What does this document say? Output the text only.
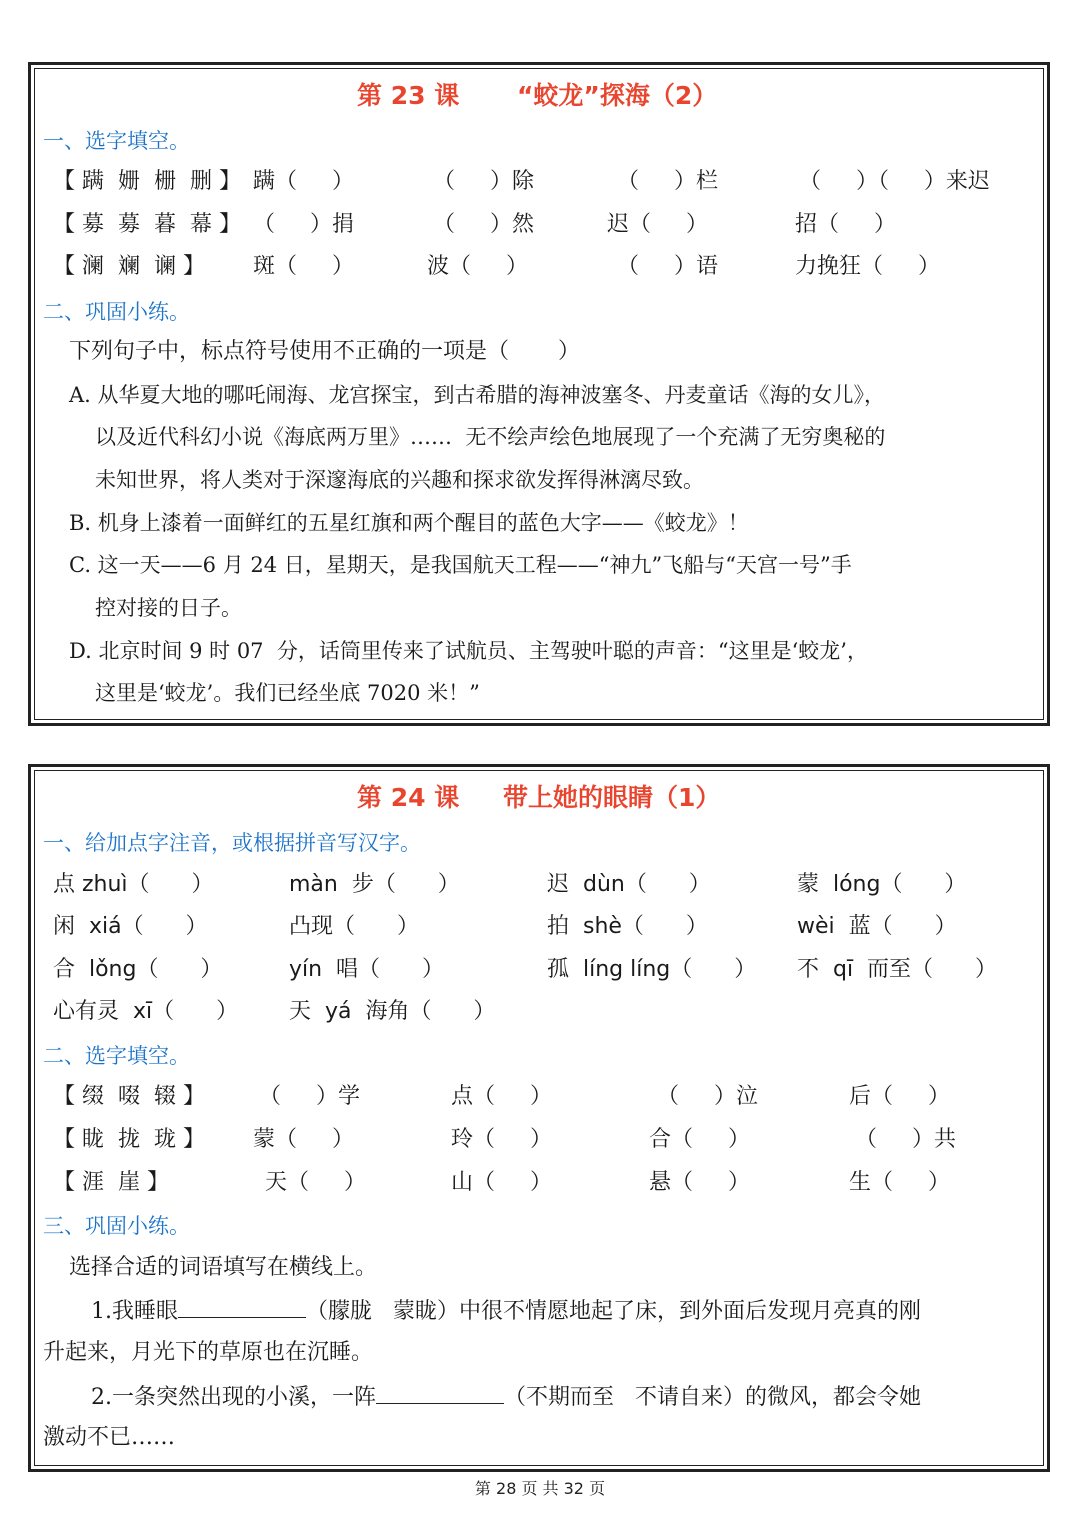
第 23 课 “蛟龙”探海（2）
一、选字填空。
【 蹒  姗  栅  删 】 蹒（     ）	（     ）除	（     ）栏	（     ）（     ）来迟
【 募  募  暮  幕 】 （     ）捐	（     ）然	迟（     ）	招（     ）
【 澜  斓  谰 】 斑（     ）	波（     ）	（     ）语	力挽狂（     ）
二、巩固小练。
下列句子中，标点符号使用不正确的一项是（       ）
A. 从华夏大地的哪吒闹海、龙宫探宝，到古希腊的海神波塞冬、丹麦童话《海的女儿》，
以及近代科幻小说《海底两万里》……  无不绘声绘色地展现了一个充满了无穷奥秘的
未知世界，将人类对于深邃海底的兴趣和探求欲发挥得淋漓尽致。
B. 机身上漆着一面鲜红的五星红旗和两个醒目的蓝色大字——《蛟龙》！
C. 这一天——6 月 24 日，星期天，是我国航天工程——“神九”飞船与“天宫一号”手
控对接的日子。
D. 北京时间 9 时 07  分，话筒里传来了试航员、主驾驶叶聪的声音：“这里是‘蛟龙’，
这里是‘蛟龙’。我们已经坐底 7020 米！”
第 24 课 带上她的眼睛（1）
一、给加点字注音，或根据拼音写汉字。
点 zhuì（      ）	màn  步（      ）	迟  dùn（      ）	蒙  lóng（      ）
闲  xiá（      ）	凸现（      ）	拍  shè（      ）	wèi  蓝（      ）
合  lǒng（      ）	yín  唱（      ）	孤  líng líng（      ） 不  qī  而至（      ）
心有灵  xī（      ） 天  yá  海角（      ）
二、选字填空。
【 缀  啜  辍 】 （     ）学	点（     ）	（     ）泣	后（     ）
【 眬  拢  珑 】 蒙（     ）	玲（     ）	合（     ）	（     ）共
【 涯  崖 】	天（     ）	山（     ）	悬（     ）	生（     ）
三、巩固小练。
选择合适的词语填写在横线上。
1.我睡眼	（朦胧   蒙眬）中很不情愿地起了床，到外面后发现月亮真的刚
升起来，月光下的草原也在沉睡。
2.一条突然出现的小溪，一阵	（不期而至   不请自来）的微风，都会令她
激动不已……
第 28 页 共 32 页
